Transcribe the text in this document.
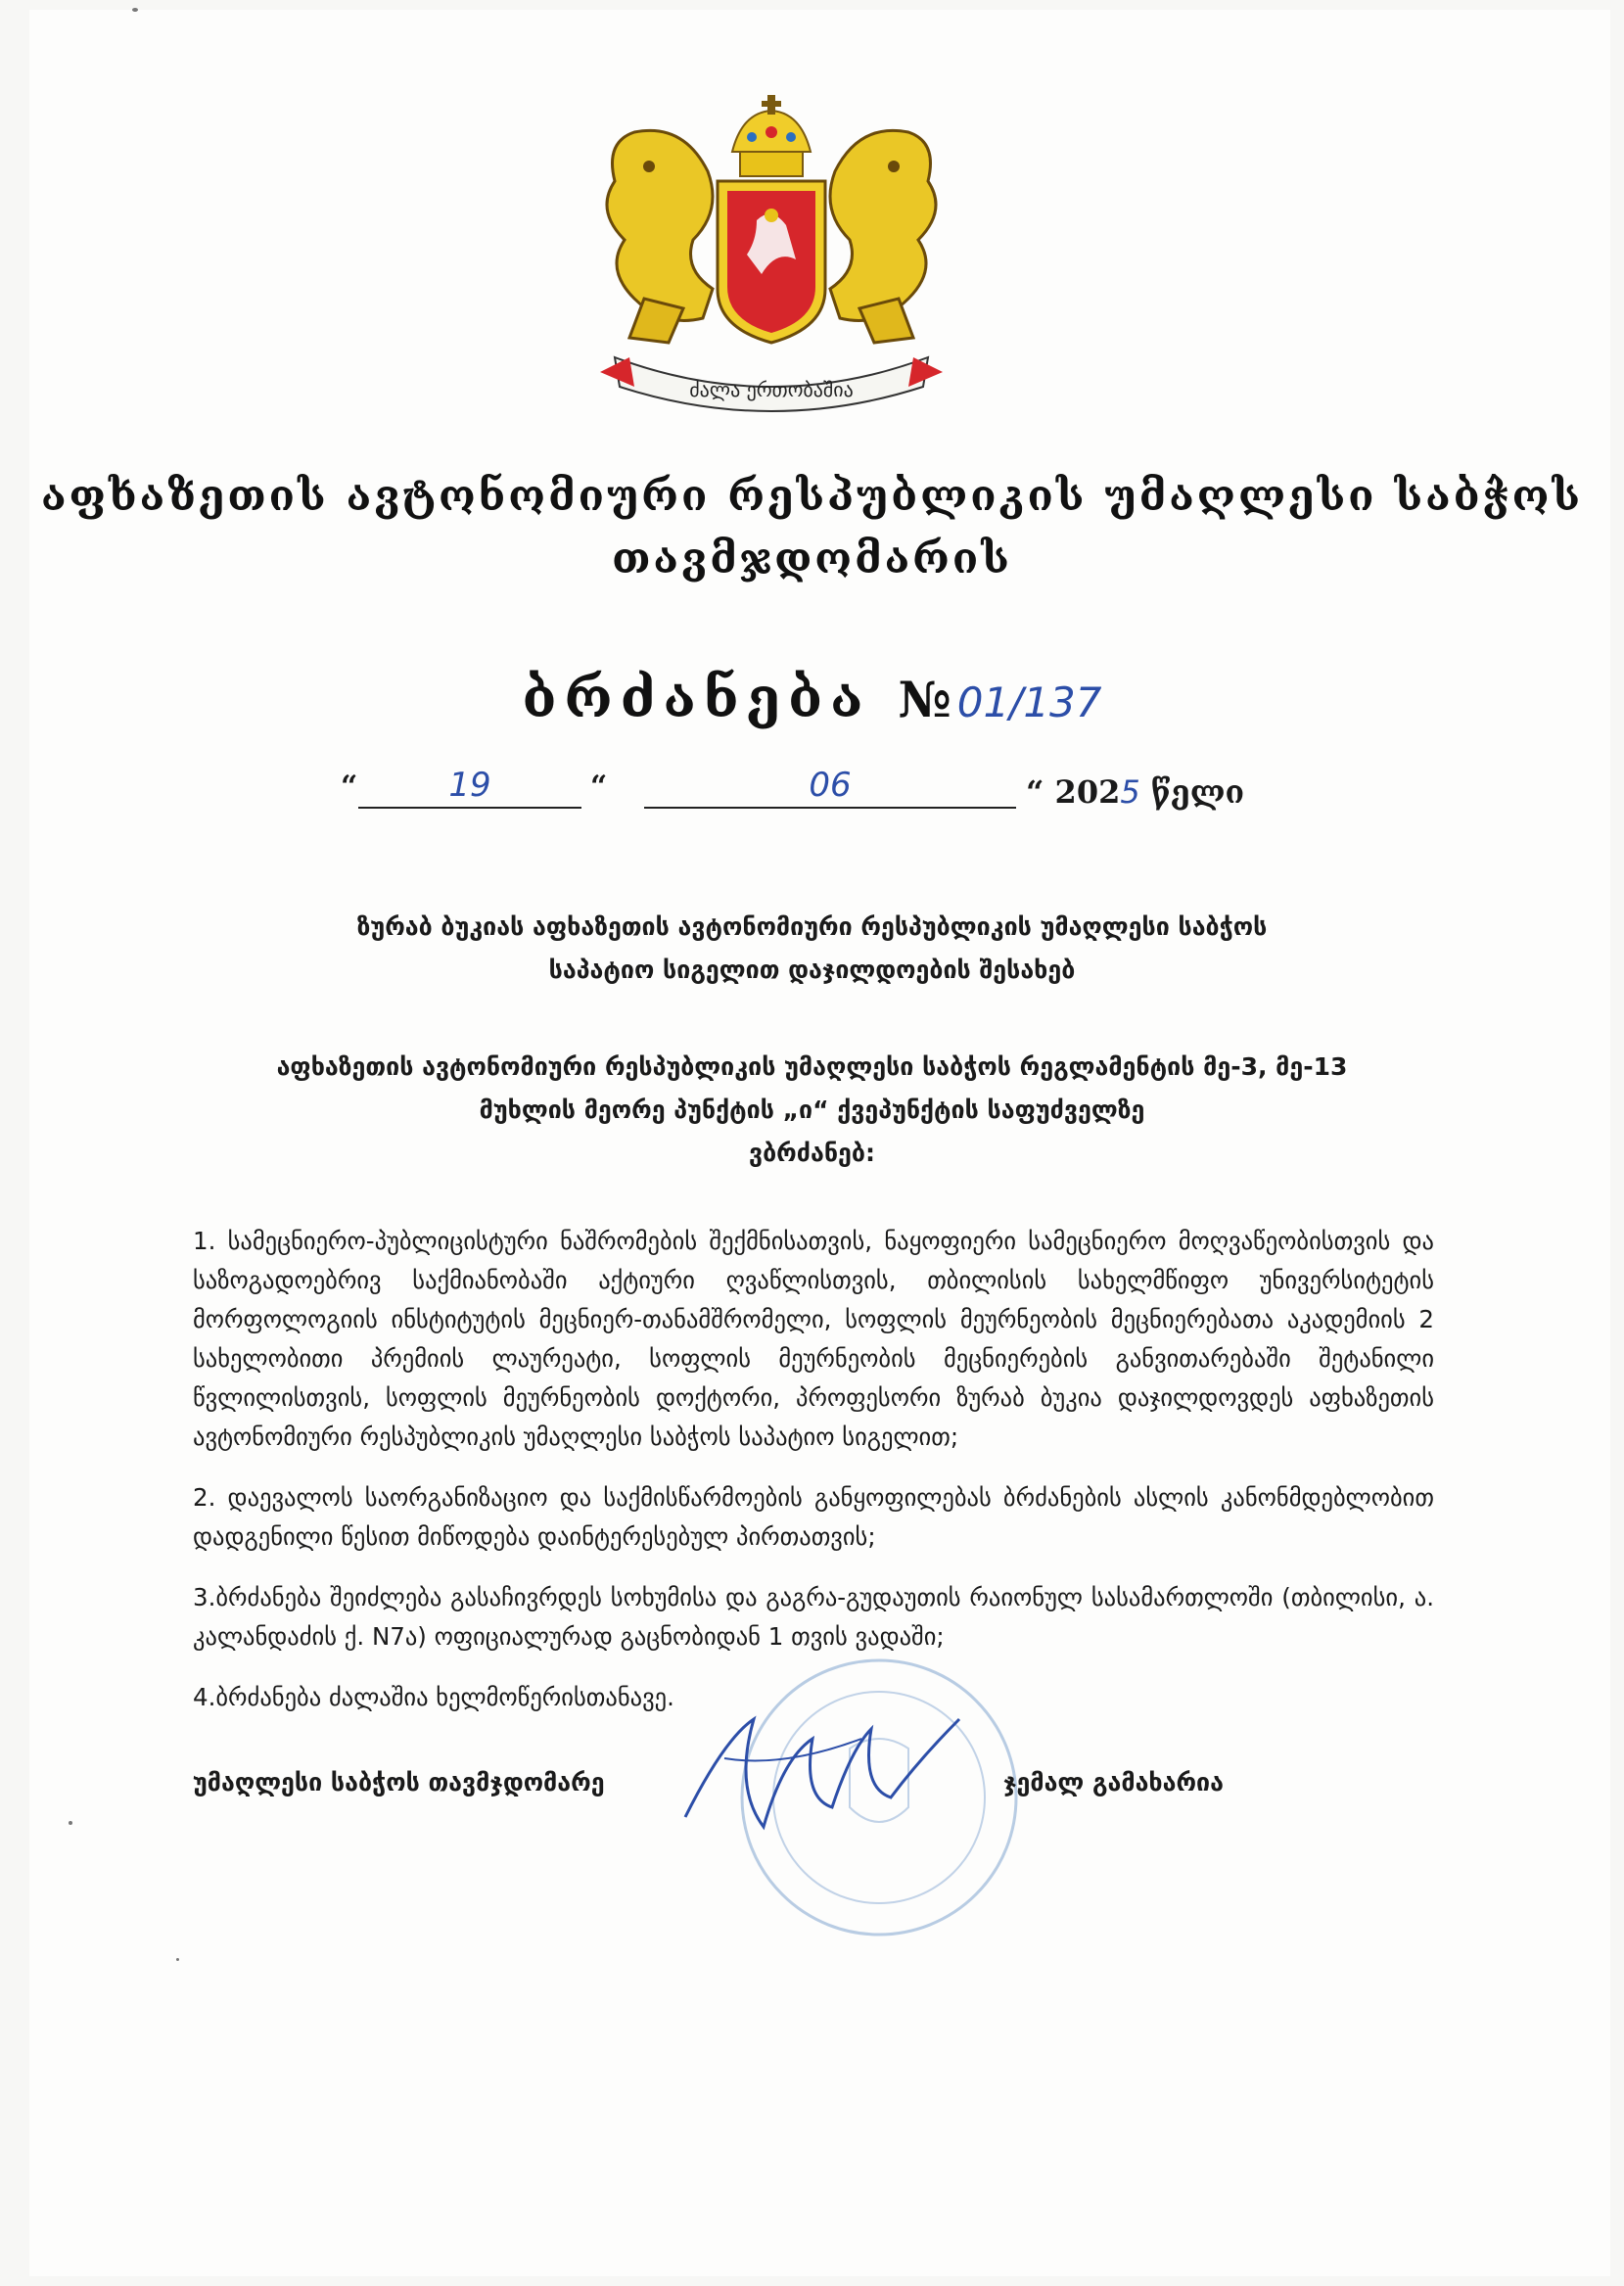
ძალა ერთობაშია
აფხაზეთის ავტონომიური რესპუბლიკის უმაღლესი საბჭოს
თავმჯდომარის
ბრძანება № 01/137
“	19	“	06	“ 2025 წელი
ზურაბ ბუკიას აფხაზეთის ავტონომიური რესპუბლიკის უმაღლესი საბჭოს
საპატიო სიგელით დაჯილდოების შესახებ
აფხაზეთის ავტონომიური რესპუბლიკის უმაღლესი საბჭოს რეგლამენტის მე-3, მე-13
მუხლის მეორე პუნქტის „ი“ ქვეპუნქტის საფუძველზე
ვბრძანებ:

1. სამეცნიერო-პუბლიცისტური ნაშრომების შექმნისათვის, ნაყოფიერი სამეცნიერო მოღვაწეობისთვის და საზოგადოებრივ საქმიანობაში აქტიური ღვაწლისთვის, თბილისის სახელმწიფო უნივერსიტეტის მორფოლოგიის ინსტიტუტის მეცნიერ-თანამშრომელი, სოფლის მეურნეობის მეცნიერებათა აკადემიის 2 სახელობითი პრემიის ლაურეატი, სოფლის მეურნეობის მეცნიერების განვითარებაში შეტანილი წვლილისთვის, სოფლის მეურნეობის დოქტორი, პროფესორი ზურაბ ბუკია დაჯილდოვდეს აფხაზეთის ავტონომიური რესპუბლიკის უმაღლესი საბჭოს საპატიო სიგელით;

2. დაევალოს საორგანიზაციო და საქმისწარმოების განყოფილებას ბრძანების ასლის კანონმდებლობით დადგენილი წესით მიწოდება დაინტერესებულ პირთათვის;

3.ბრძანება შეიძლება გასაჩივრდეს სოხუმისა და გაგრა-გუდაუთის რაიონულ სასამართლოში (თბილისი, ა. კალანდაძის ქ. N7ა) ოფიციალურად გაცნობიდან 1 თვის ვადაში;

4.ბრძანება ძალაშია ხელმოწერისთანავე.

უმაღლესი საბჭოს თავმჯდომარე	ჯემალ გამახარია
